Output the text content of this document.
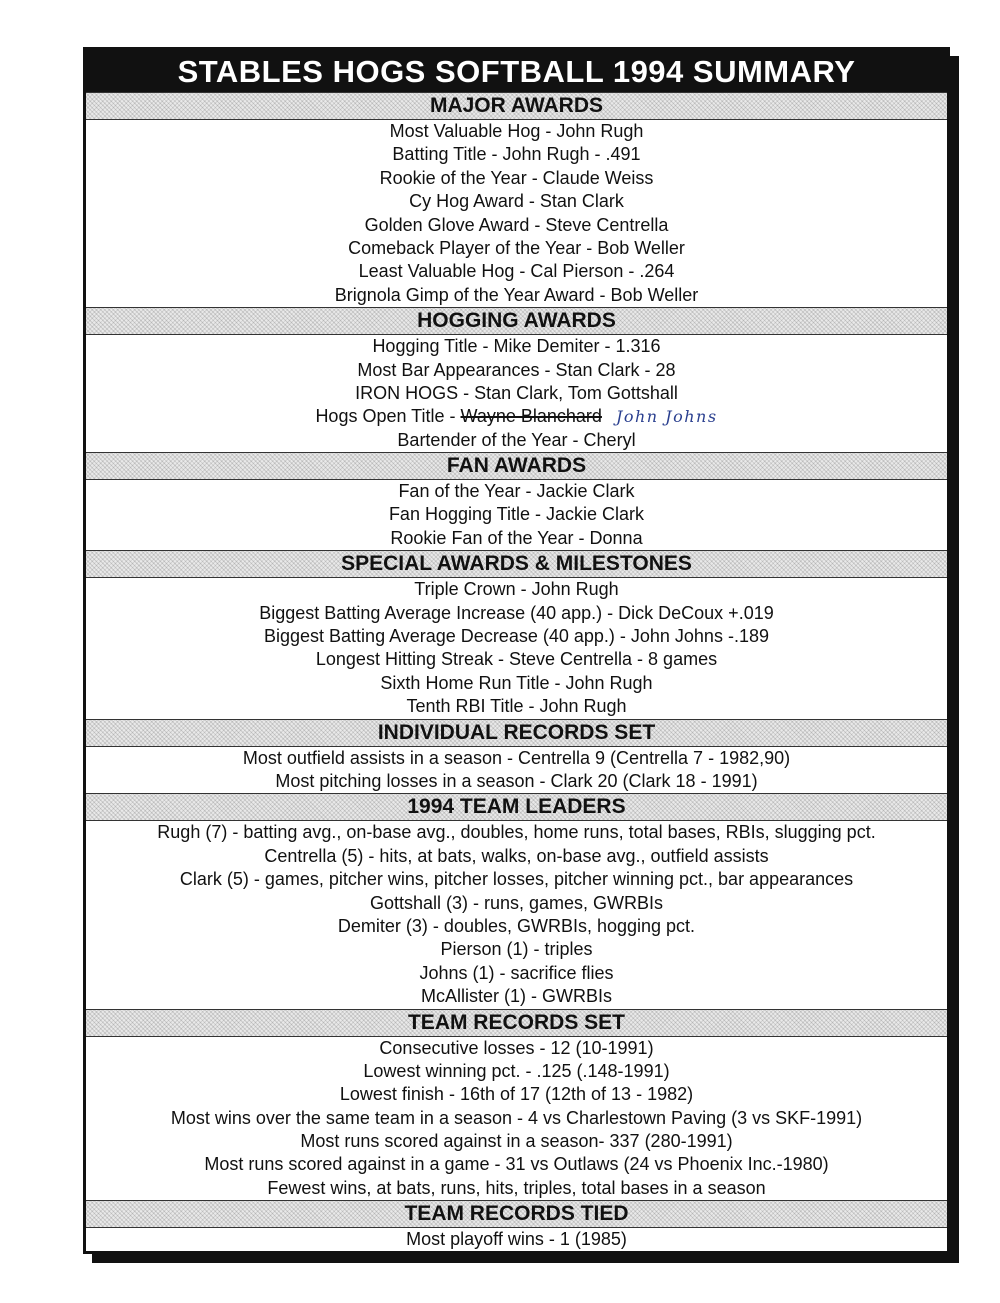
STABLES HOGS SOFTBALL 1994 SUMMARY
MAJOR AWARDS
Most Valuable Hog - John Rugh
Batting Title - John Rugh - .491
Rookie of the Year - Claude Weiss
Cy Hog Award - Stan Clark
Golden Glove Award - Steve Centrella
Comeback Player of the Year - Bob Weller
Least Valuable Hog - Cal Pierson - .264
Brignola Gimp of the Year Award - Bob Weller
HOGGING AWARDS
Hogging Title - Mike Demiter - 1.316
Most Bar Appearances - Stan Clark - 28
IRON HOGS - Stan Clark, Tom Gottshall
Hogs Open Title - Wayne Blanchard John Johns
Bartender of the Year - Cheryl
FAN AWARDS
Fan of the Year - Jackie Clark
Fan Hogging Title - Jackie Clark
Rookie Fan of the Year - Donna
SPECIAL AWARDS & MILESTONES
Triple Crown - John Rugh
Biggest Batting Average Increase (40 app.) - Dick DeCoux +.019
Biggest Batting Average Decrease (40 app.) - John Johns -.189
Longest Hitting Streak - Steve Centrella - 8 games
Sixth Home Run Title - John Rugh
Tenth RBI Title - John Rugh
INDIVIDUAL RECORDS SET
Most outfield assists in a season - Centrella 9 (Centrella 7 - 1982,90)
Most pitching losses in a season - Clark 20 (Clark 18 - 1991)
1994 TEAM LEADERS
Rugh (7) - batting avg., on-base avg., doubles, home runs, total bases, RBIs, slugging pct.
Centrella (5) - hits, at bats, walks, on-base avg., outfield assists
Clark (5) - games, pitcher wins, pitcher losses, pitcher winning pct., bar appearances
Gottshall (3) - runs, games, GWRBIs
Demiter (3) - doubles, GWRBIs, hogging pct.
Pierson (1) - triples
Johns (1) - sacrifice flies
McAllister (1) - GWRBIs
TEAM RECORDS SET
Consecutive losses - 12 (10-1991)
Lowest winning pct. - .125 (.148-1991)
Lowest finish - 16th of 17 (12th of 13 - 1982)
Most wins over the same team in a season - 4 vs Charlestown Paving (3 vs SKF-1991)
Most runs scored against in a season- 337 (280-1991)
Most runs scored against in a game - 31 vs Outlaws (24 vs Phoenix Inc.-1980)
Fewest wins, at bats, runs, hits, triples, total bases in a season
TEAM RECORDS TIED
Most playoff wins - 1 (1985)
